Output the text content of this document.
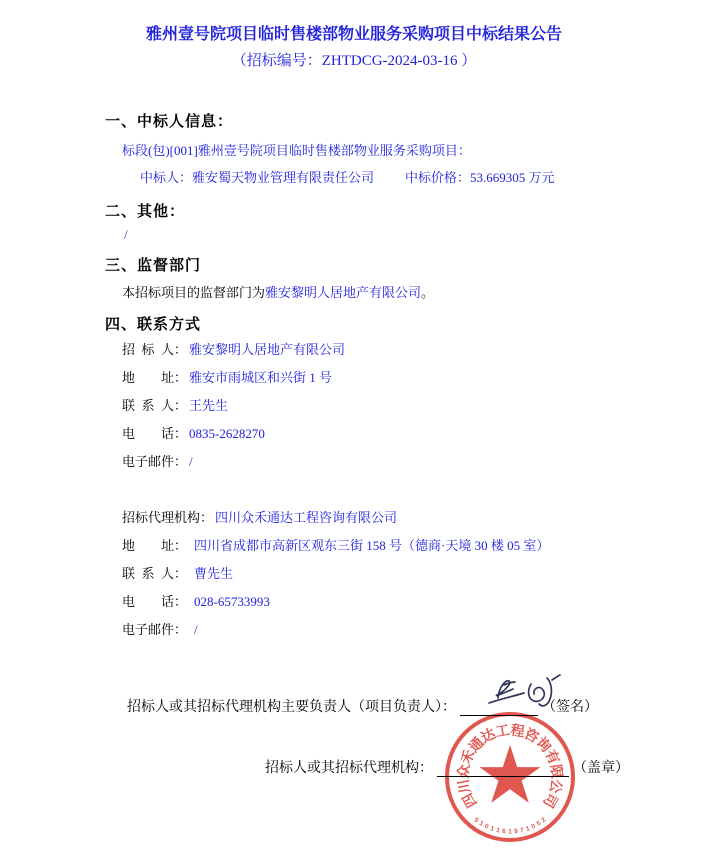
雅州壹号院项目临时售楼部物业服务采购项目中标结果公告
（招标编号：ZHTDCG-2024-03-16 ）
一、中标人信息：
标段(包)[001]雅州壹号院项目临时售楼部物业服务采购项目：
中标人：雅安蜀天物业管理有限责任公司 中标价格：53.669305 万元
二、其他：
/
三、监督部门
本招标项目的监督部门为雅安黎明人居地产有限公司。
四、联系方式
招标人： 雅安黎明人居地产有限公司
地址： 雅安市雨城区和兴街 1 号
联系人： 王先生
电话： 0835-2628270
电子邮件： /
招标代理机构： 四川众禾通达工程咨询有限公司
地址： 四川省成都市高新区观东三街 158 号（德商·天境 30 楼 05 室）
联系人： 曹先生
电话： 028-65733993
电子邮件： /
招标人或其招标代理机构主要负责人（项目负责人）：	（签名）
招标人或其招标代理机构：	（盖章）
四
川
众
禾
通
达
工
程
咨
询
有
限
公
司
5
1
0 1 1 6 1 9 7 1 0
5
2
